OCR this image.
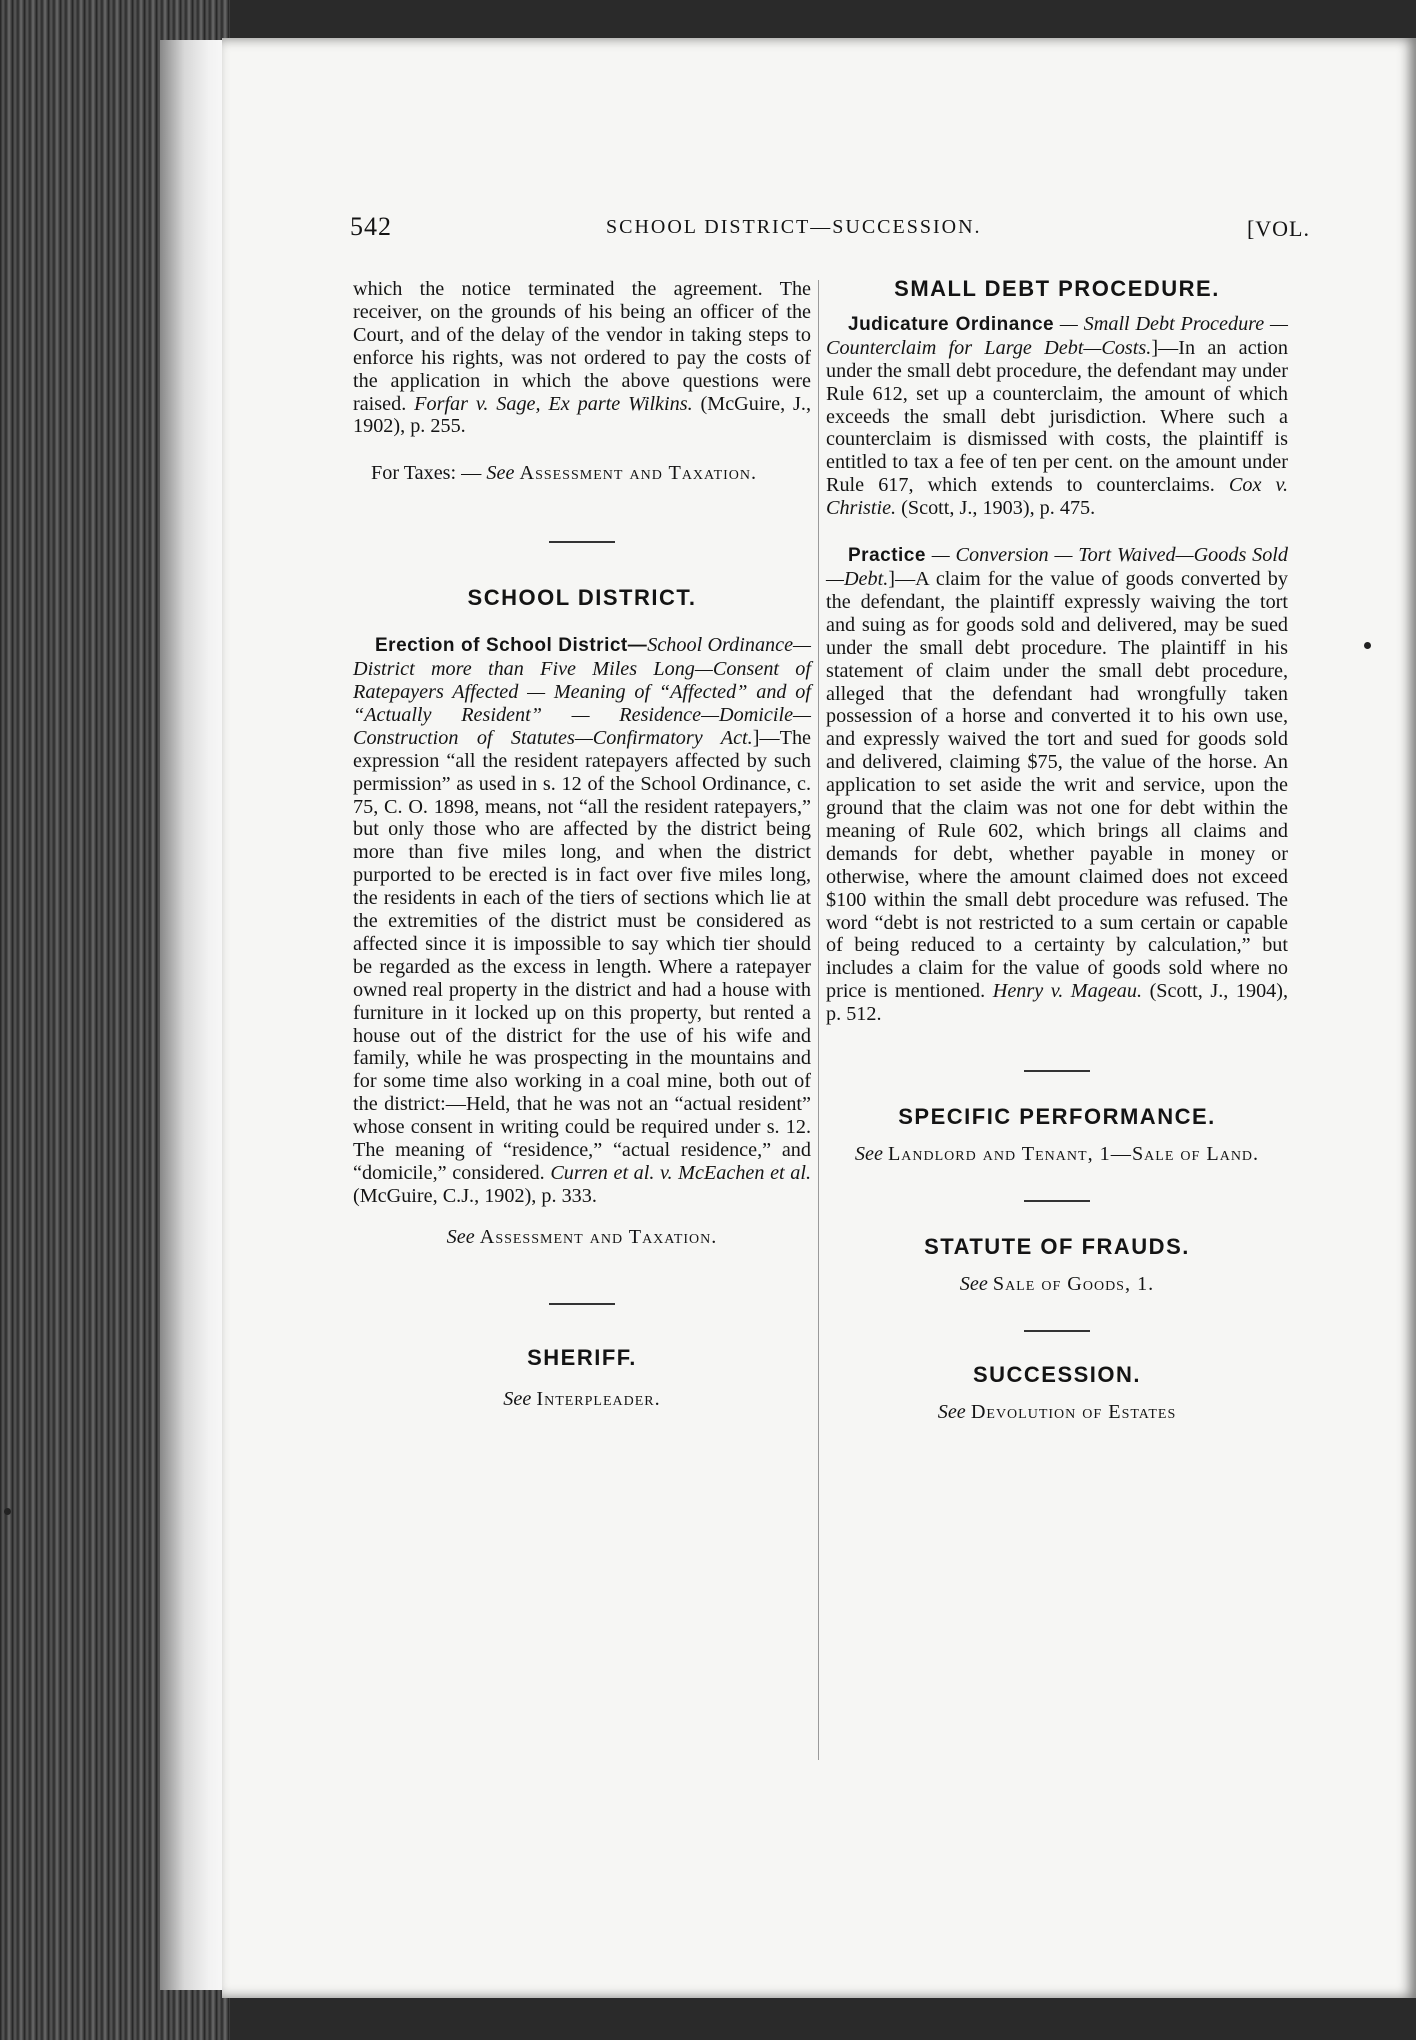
542	SCHOOL DISTRICT—SUCCESSION.	[VOL.

which the notice terminated the agreement. The receiver, on the grounds of his being an officer of the Court, and of the delay of the vendor in taking steps to enforce his rights, was not ordered to pay the costs of the application in which the above questions were raised. Forfar v. Sage, Ex parte Wilkins. (McGuire, J., 1902), p. 255.

For Taxes: — See Assessment and Taxation.

SCHOOL DISTRICT.

Erection of School District—School Ordinance—District more than Five Miles Long—Consent of Ratepayers Affected — Meaning of “Affected” and of “Actually Resident” — Residence—Domicile—Construction of Statutes—Confirmatory Act.]—The expression “all the resident ratepayers affected by such permission” as used in s. 12 of the School Ordinance, c. 75, C. O. 1898, means, not “all the resident ratepayers,” but only those who are affected by the district being more than five miles long, and when the district purported to be erected is in fact over five miles long, the residents in each of the tiers of sections which lie at the extremities of the district must be considered as affected since it is impossible to say which tier should be regarded as the excess in length. Where a ratepayer owned real property in the district and had a house with furniture in it locked up on this property, but rented a house out of the district for the use of his wife and family, while he was prospecting in the mountains and for some time also working in a coal mine, both out of the district:—Held, that he was not an “actual resident” whose consent in writing could be required under s. 12. The meaning of “residence,” “actual residence,” and “domicile,” considered. Curren et al. v. McEachen et al. (McGuire, C.J., 1902), p. 333.

See Assessment and Taxation.

SHERIFF.

See Interpleader.

SMALL DEBT PROCEDURE.

Judicature Ordinance — Small Debt Procedure — Counterclaim for Large Debt—Costs.]—In an action under the small debt procedure, the defendant may under Rule 612, set up a counterclaim, the amount of which exceeds the small debt jurisdiction. Where such a counterclaim is dismissed with costs, the plaintiff is entitled to tax a fee of ten per cent. on the amount under Rule 617, which extends to counterclaims. Cox v. Christie. (Scott, J., 1903), p. 475.

Practice — Conversion — Tort Waived—Goods Sold—Debt.]—A claim for the value of goods converted by the defendant, the plaintiff expressly waiving the tort and suing as for goods sold and delivered, may be sued under the small debt procedure. The plaintiff in his statement of claim under the small debt procedure, alleged that the defendant had wrongfully taken possession of a horse and converted it to his own use, and expressly waived the tort and sued for goods sold and delivered, claiming $75, the value of the horse. An application to set aside the writ and service, upon the ground that the claim was not one for debt within the meaning of Rule 602, which brings all claims and demands for debt, whether payable in money or otherwise, where the amount claimed does not exceed $100 within the small debt procedure was refused. The word “debt is not restricted to a sum certain or capable of being reduced to a certainty by calculation,” but includes a claim for the value of goods sold where no price is mentioned. Henry v. Mageau. (Scott, J., 1904), p. 512.

SPECIFIC PERFORMANCE.

See Landlord and Tenant, 1—Sale of Land.

STATUTE OF FRAUDS.

See Sale of Goods, 1.

SUCCESSION.

See Devolution of Estates
